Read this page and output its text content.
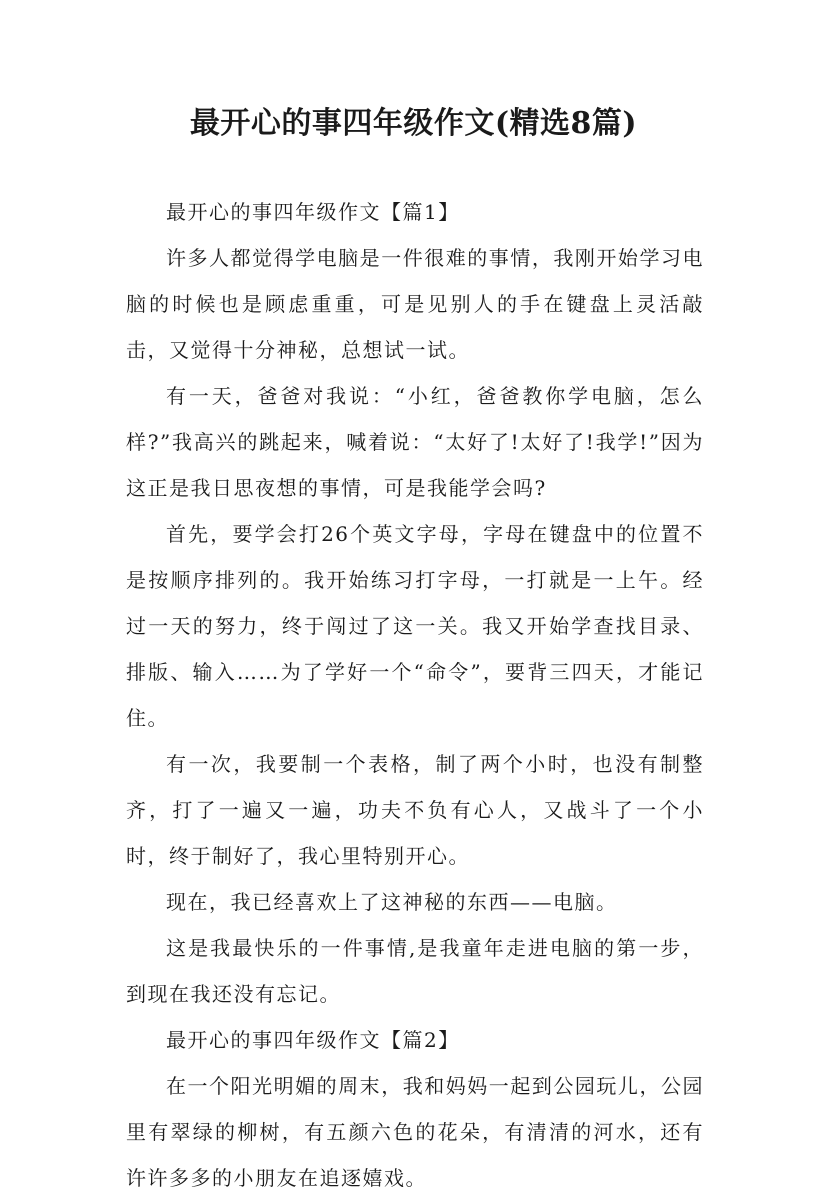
最开心的事四年级作文(精选8篇)

最开心的事四年级作文【篇1】

许多人都觉得学电脑是一件很难的事情，我刚开始学习电脑的时候也是顾虑重重，可是见别人的手在键盘上灵活敲击，又觉得十分神秘，总想试一试。

有一天，爸爸对我说：“小红，爸爸教你学电脑，怎么样?”我高兴的跳起来，喊着说：“太好了!太好了!我学!”因为这正是我日思夜想的事情，可是我能学会吗?

首先，要学会打26个英文字母，字母在键盘中的位置不是按顺序排列的。我开始练习打字母，一打就是一上午。经过一天的努力，终于闯过了这一关。我又开始学查找目录、排版、输入……为了学好一个“命令”，要背三四天，才能记住。

有一次，我要制一个表格，制了两个小时，也没有制整齐，打了一遍又一遍，功夫不负有心人，又战斗了一个小时，终于制好了，我心里特别开心。

现在，我已经喜欢上了这神秘的东西——电脑。

这是我最快乐的一件事情,是我童年走进电脑的第一步，到现在我还没有忘记。

最开心的事四年级作文【篇2】

在一个阳光明媚的周末，我和妈妈一起到公园玩儿，公园里有翠绿的柳树，有五颜六色的花朵，有清清的河水，还有许许多多的小朋友在追逐嬉戏。
